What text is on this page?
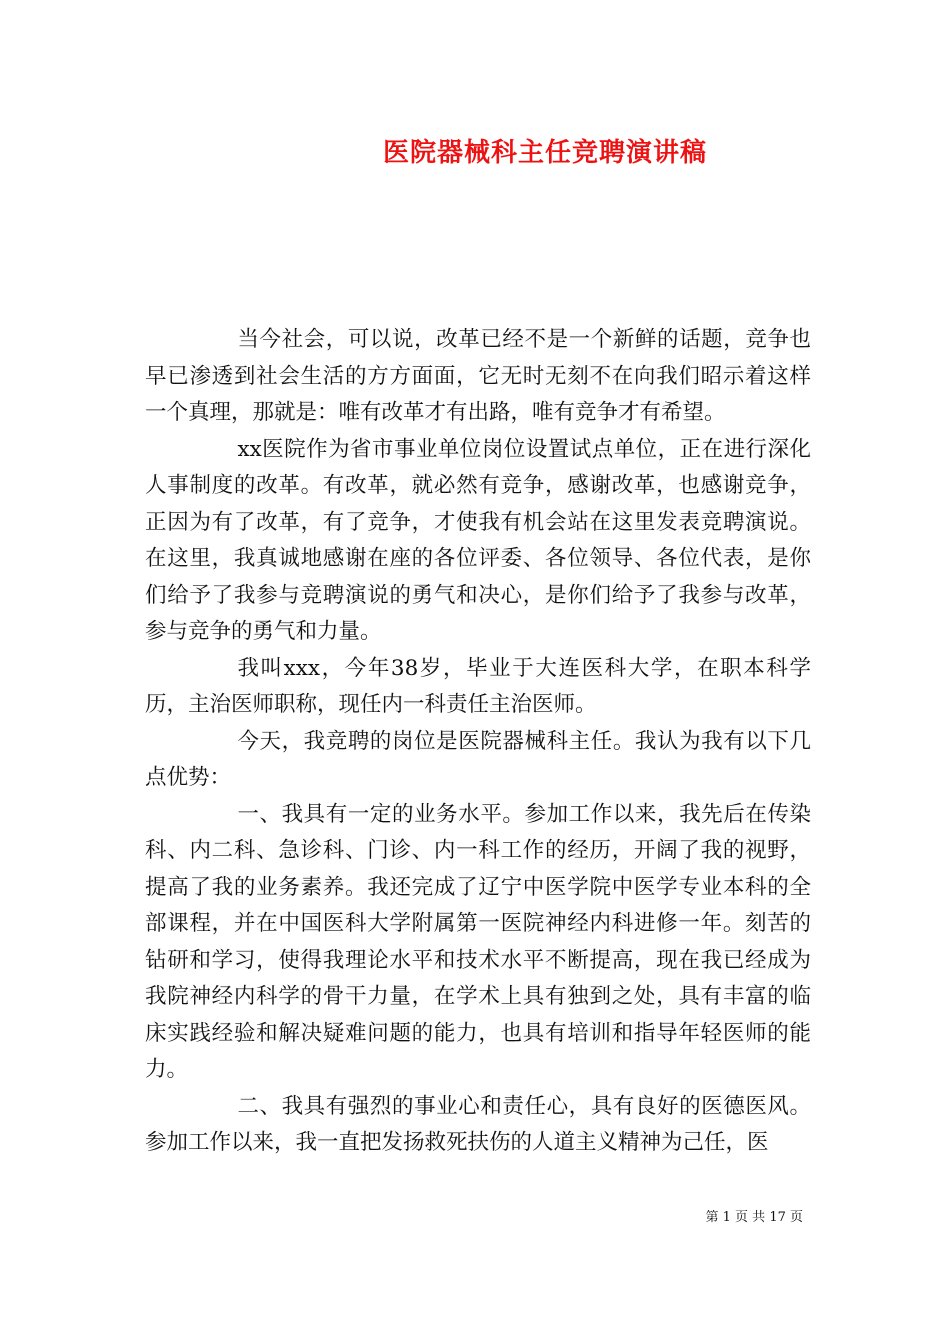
医院器械科主任竞聘演讲稿

当今社会，可以说，改革已经不是一个新鲜的话题，竞争也早已渗透到社会生活的方方面面，它无时无刻不在向我们昭示着这样一个真理，那就是：唯有改革才有出路，唯有竞争才有希望。

xx医院作为省市事业单位岗位设置试点单位，正在进行深化人事制度的改革。有改革，就必然有竞争，感谢改革，也感谢竞争，正因为有了改革，有了竞争，才使我有机会站在这里发表竞聘演说。在这里，我真诚地感谢在座的各位评委、各位领导、各位代表，是你们给予了我参与竞聘演说的勇气和决心，是你们给予了我参与改革，参与竞争的勇气和力量。

我叫xxx，今年38岁，毕业于大连医科大学，在职本科学历，主治医师职称，现任内一科责任主治医师。

今天，我竞聘的岗位是医院器械科主任。我认为我有以下几点优势：

一、我具有一定的业务水平。参加工作以来，我先后在传染科、内二科、急诊科、门诊、内一科工作的经历，开阔了我的视野，提高了我的业务素养。我还完成了辽宁中医学院中医学专业本科的全部课程，并在中国医科大学附属第一医院神经内科进修一年。刻苦的钻研和学习，使得我理论水平和技术水平不断提高，现在我已经成为我院神经内科学的骨干力量，在学术上具有独到之处，具有丰富的临床实践经验和解决疑难问题的能力，也具有培训和指导年轻医师的能力。

二、我具有强烈的事业心和责任心，具有良好的医德医风。参加工作以来，我一直把发扬救死扶伤的人道主义精神为己任，医

第 1 页 共 17 页
